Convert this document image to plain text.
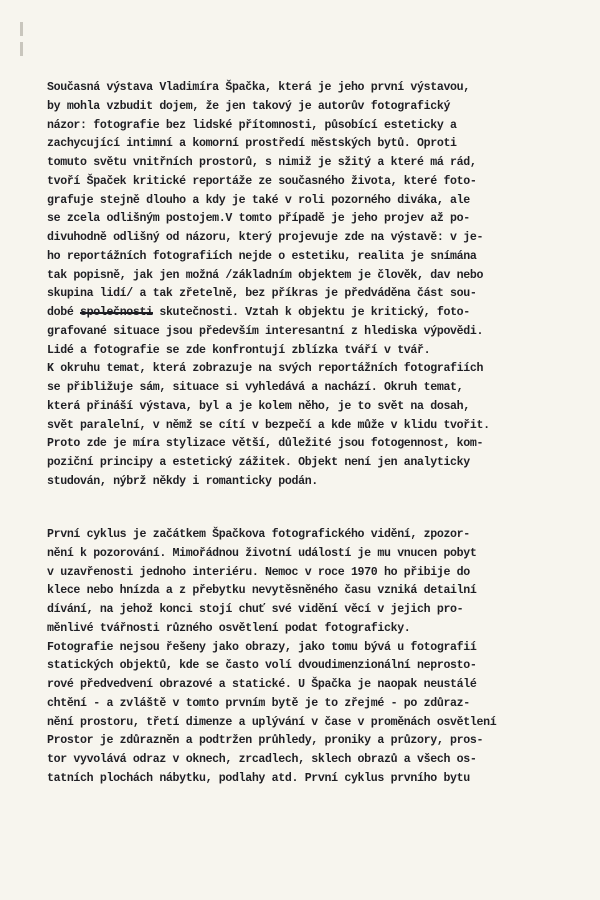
Současná výstava Vladimíra Špačka, která je jeho první výstavou,
by mohla vzbudit dojem, že jen takový je autorův fotografický
názor: fotografie bez lidské přítomnosti, působící esteticky a
zachycující intimní a komorní prostředí městských bytů. Oproti
tomuto světu vnitřních prostorů, s nimiž je sžitý a které má rád,
tvoří Špaček kritické reportáže ze současného života, které foto-
grafuje stejně dlouho a kdy je také v roli pozorného diváka, ale
se zcela odlišným postojem.V tomto případě je jeho projev až po-
divuhodně odlišný od názoru, který projevuje zde na výstavě: v je-
ho reportážních fotografiích nejde o estetiku, realita je snímána
tak popisně, jak jen možná /základním objektem je člověk, dav nebo
skupina lidí/ a tak zřetelně, bez příkras je předváděna část sou-
dobé společnosti skutečnosti. Vztah k objektu je kritický, foto-
grafované situace jsou především interesantní z hlediska výpovědi.
Lidé a fotografie se zde konfrontují zblízka tváří v tvář.
K okruhu temat, která zobrazuje na svých reportážních fotografiích
se přibližuje sám, situace si vyhledává a nachází. Okruh temat,
která přináší výstava, byl a je kolem něho, je to svět na dosah,
svět paralelní, v němž se cítí v bezpečí a kde může v klidu tvořit.
Proto zde je míra stylizace větší, důležité jsou fotogennost, kom-
poziční principy a estetický zážitek. Objekt není jen analyticky
studován, nýbrž někdy i romanticky podán.
První cyklus je začátkem Špačkova fotografického vidění, zpozor-
nění k pozorování. Mimořádnou životní událostí je mu vnucen pobyt
v uzavřenosti jednoho interiéru. Nemoc v roce 1970 ho přibije do
klece nebo hnízda a z přebytku nevytěsněného času vzniká detailní
dívání, na jehož konci stojí chuť své vidění věcí v jejich pro-
měnlivé tvářnosti různého osvětlení podat fotograficky.
Fotografie nejsou řešeny jako obrazy, jako tomu bývá u fotografií
statických objektů, kde se často volí dvoudimenzionální neprosto-
rové předvedvení obrazové a statické. U Špačka je naopak neustálé
chtění - a zvláště v tomto prvním bytě je to zřejmé - po zdůraz-
nění prostoru, třetí dimenze a uplývání v čase v proměnách osvětlení
Prostor je zdůrazněn a podtržen průhledy, proniky a průzory, pros-
tor vyvolává odraz v oknech, zrcadlech, sklech obrazů a všech os-
tatních plochách nábytku, podlahy atd. První cyklus prvního bytu
